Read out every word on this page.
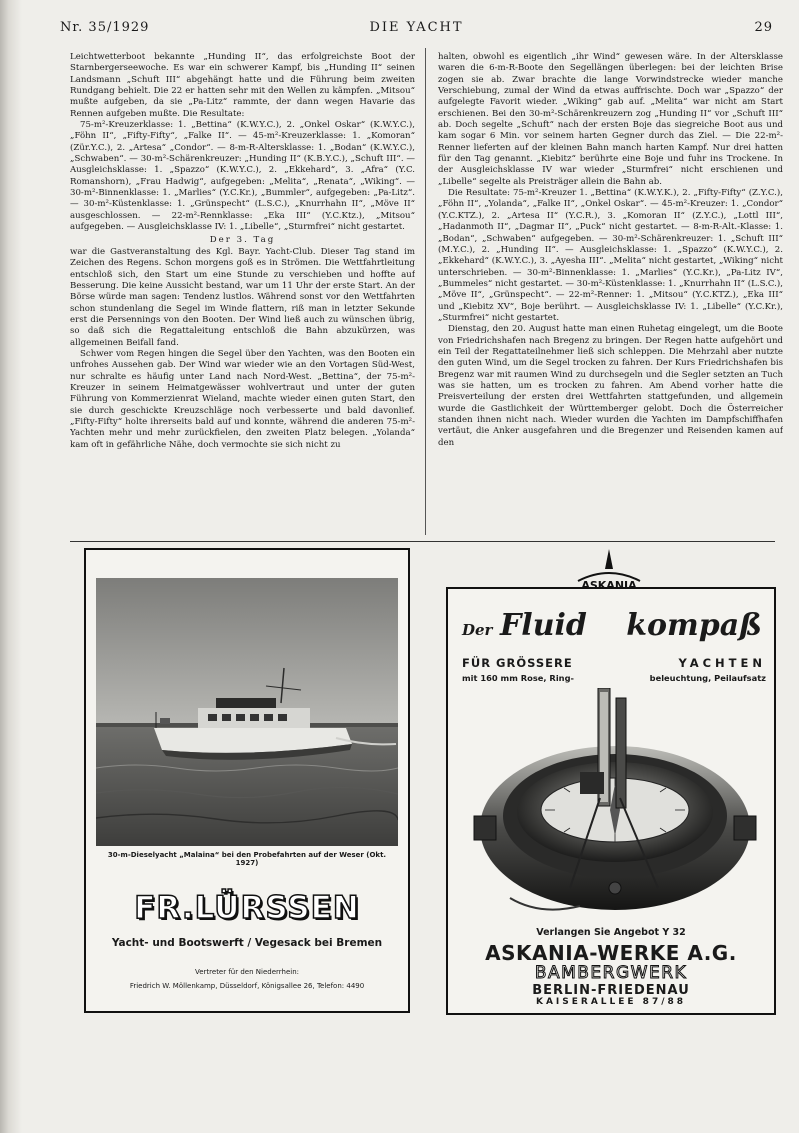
Nr. 35/1929	DIE YACHT	29

Leichtwetterboot bekannte „Hunding II“, das erfolgreichste Boot der Starnbergerseewoche. Es war ein schwerer Kampf, bis „Hunding II“ seinen Landsmann „Schuft III“ abgehängt hatte und die Führung beim zweiten Rundgang behielt. Die 22 er hatten sehr mit den Wellen zu kämpfen. „Mitsou“ mußte aufgeben, da sie „Pa-Litz“ rammte, der dann wegen Havarie das Rennen aufgeben mußte. Die Resultate:

75-m²-Kreuzerklasse: 1. „Bettina“ (K.W.Y.C.), 2. „Onkel Oskar“ (K.W.Y.C.), „Föhn II“, „Fifty-Fifty“, „Falke II“. — 45-m²-Kreuzerklasse: 1. „Komoran“ (Zür.Y.C.), 2. „Artesa“ „Condor“. — 8-m-R-Altersklasse: 1. „Bodan“ (K.W.Y.C.), „Schwaben“. — 30-m²-Schärenkreuzer: „Hunding II“ (K.B.Y.C.), „Schuft III“. — Ausgleichsklasse: 1. „Spazzo“ (K.W.Y.C.), 2. „Ekkehard“, 3. „Afra“ (Y.C. Romanshorn), „Frau Hadwig“, aufgegeben: „Melita“, „Renata“, „Wiking“. — 30-m²-Binnenklasse: 1. „Marlies“ (Y.C.Kr.), „Bummler“, aufgegeben: „Pa-Litz“. — 30-m²-Küstenklasse: 1. „Grünspecht“ (L.S.C.), „Knurrhahn II“, „Möve II“ ausgeschlossen. — 22-m²-Rennklasse: „Eka III“ (Y.C.Ktz.), „Mitsou“ aufgegeben. — Ausgleichsklasse IV: 1. „Libelle“, „Sturmfrei“ nicht gestartet.

Der 3. Tag

war die Gastveranstaltung des Kgl. Bayr. Yacht-Club. Dieser Tag stand im Zeichen des Regens. Schon morgens goß es in Strömen. Die Wettfahrtleitung entschloß sich, den Start um eine Stunde zu verschieben und hoffte auf Besserung. Die keine Aussicht bestand, war um 11 Uhr der erste Start. An der Börse würde man sagen: Tendenz lustlos. Während sonst vor den Wettfahrten schon stundenlang die Segel im Winde flattern, riß man in letzter Sekunde erst die Persennings von den Booten. Der Wind ließ auch zu wünschen übrig, so daß sich die Regattaleitung entschloß die Bahn abzukürzen, was allgemeinen Beifall fand.

Schwer vom Regen hingen die Segel über den Yachten, was den Booten ein unfrohes Aussehen gab. Der Wind war wieder wie an den Vortagen Süd-West, nur schralte es häufig unter Land nach Nord-West. „Bettina“, der 75-m²-Kreuzer in seinem Heimatgewässer wohlvertraut und unter der guten Führung von Kommerzienrat Wieland, machte wieder einen guten Start, den sie durch geschickte Kreuzschläge noch verbesserte und bald davonlief. „Fifty-Fifty“ holte ihrerseits bald auf und konnte, während die anderen 75-m²-Yachten mehr und mehr zurückfielen, den zweiten Platz belegen. „Yolanda“ kam oft in gefährliche Nähe, doch vermochte sie sich nicht zu

halten, obwohl es eigentlich „ihr Wind“ gewesen wäre. In der Altersklasse waren die 6-m-R-Boote den Segellängen überlegen: bei der leichten Brise zogen sie ab. Zwar brachte die lange Vorwindstrecke wieder manche Verschiebung, zumal der Wind da etwas auffrischte. Doch war „Spazzo“ der aufgelegte Favorit wieder. „Wiking“ gab auf. „Melita“ war nicht am Start erschienen. Bei den 30-m²-Schärenkreuzern zog „Hunding II“ vor „Schuft III“ ab. Doch segelte „Schuft“ nach der ersten Boje das siegreiche Boot aus und kam sogar 6 Min. vor seinem harten Gegner durch das Ziel. — Die 22-m²-Renner lieferten auf der kleinen Bahn manch harten Kampf. Nur drei hatten für den Tag genannt. „Kiebitz“ berührte eine Boje und fuhr ins Trockene. In der Ausgleichsklasse IV war wieder „Sturmfrei“ nicht erschienen und „Libelle“ segelte als Preisträger allein die Bahn ab.

Die Resultate: 75-m²-Kreuzer 1. „Bettina“ (K.W.Y.K.), 2. „Fifty-Fifty“ (Z.Y.C.), „Föhn II“, „Yolanda“, „Falke II“, „Onkel Oskar“. — 45-m²-Kreuzer: 1. „Condor“ (Y.C.KTZ.), 2. „Artesa II“ (Y.C.R.), 3. „Komoran II“ (Z.Y.C.), „Lottl III“, „Hadanmoth II“, „Dagmar II“, „Puck“ nicht gestartet. — 8-m-R-Alt.-Klasse: 1. „Bodan“, „Schwaben“ aufgegeben. — 30-m²-Schärenkreuzer: 1. „Schuft III“ (M.Y.C.), 2. „Hunding II“. — Ausgleichsklasse: 1. „Spazzo“ (K.W.Y.C.), 2. „Ekkehard“ (K.W.Y.C.), 3. „Ayesha III“. „Melita“ nicht gestartet, „Wiking“ nicht unterschrieben. — 30-m²-Binnenklasse: 1. „Marlies“ (Y.C.Kr.), „Pa-Litz IV“, „Bummeles“ nicht gestartet. — 30-m²-Küstenklasse: 1. „Knurrhahn II“ (L.S.C.), „Möve II“, „Grünspecht“. — 22-m²-Renner: 1. „Mitsou“ (Y.C.KTZ.), „Eka III“ und „Kiebitz XV“, Boje berührt. — Ausgleichsklasse IV: 1. „Libelle“ (Y.C.Kr.), „Sturmfrei“ nicht gestartet.

Dienstag, den 20. August hatte man einen Ruhetag eingelegt, um die Boote von Friedrichshafen nach Bregenz zu bringen. Der Regen hatte aufgehört und ein Teil der Regattateilnehmer ließ sich schleppen. Die Mehrzahl aber nutzte den guten Wind, um die Segel trocken zu fahren. Der Kurs Friedrichshafen bis Bregenz war mit raumen Wind zu durchsegeln und die Segler setzten an Tuch was sie hatten, um es trocken zu fahren. Am Abend vorher hatte die Preisverteilung der ersten drei Wettfahrten stattgefunden, und allgemein wurde die Gastlichkeit der Württemberger gelobt. Doch die Österreicher standen ihnen nicht nach. Wieder wurden die Yachten im Dampfschiffhafen vertäut, die Anker ausgefahren und die Bregenzer und Reisenden kamen auf den

30-m-Dieselyacht „Malaina“ bei den Probefahrten auf der Weser (Okt. 1927)
FR.LÜRSSEN
Yacht- und Bootswerft / Vegesack bei Bremen
Vertreter für den Niederrhein:
Friedrich W. Möllenkamp, Düsseldorf, Königsallee 26, Telefon: 4490
ASKANIA
Der Fluid kompaß
FÜR GRÖSSERE	YACHTEN
mit 160 mm Rose, Ring-	beleuchtung, Peilaufsatz
Verlangen Sie Angebot Y 32
ASKANIA-WERKE A.G.
BAMBERGWERK
BERLIN-FRIEDENAU
KAISERALLEE 87/88
